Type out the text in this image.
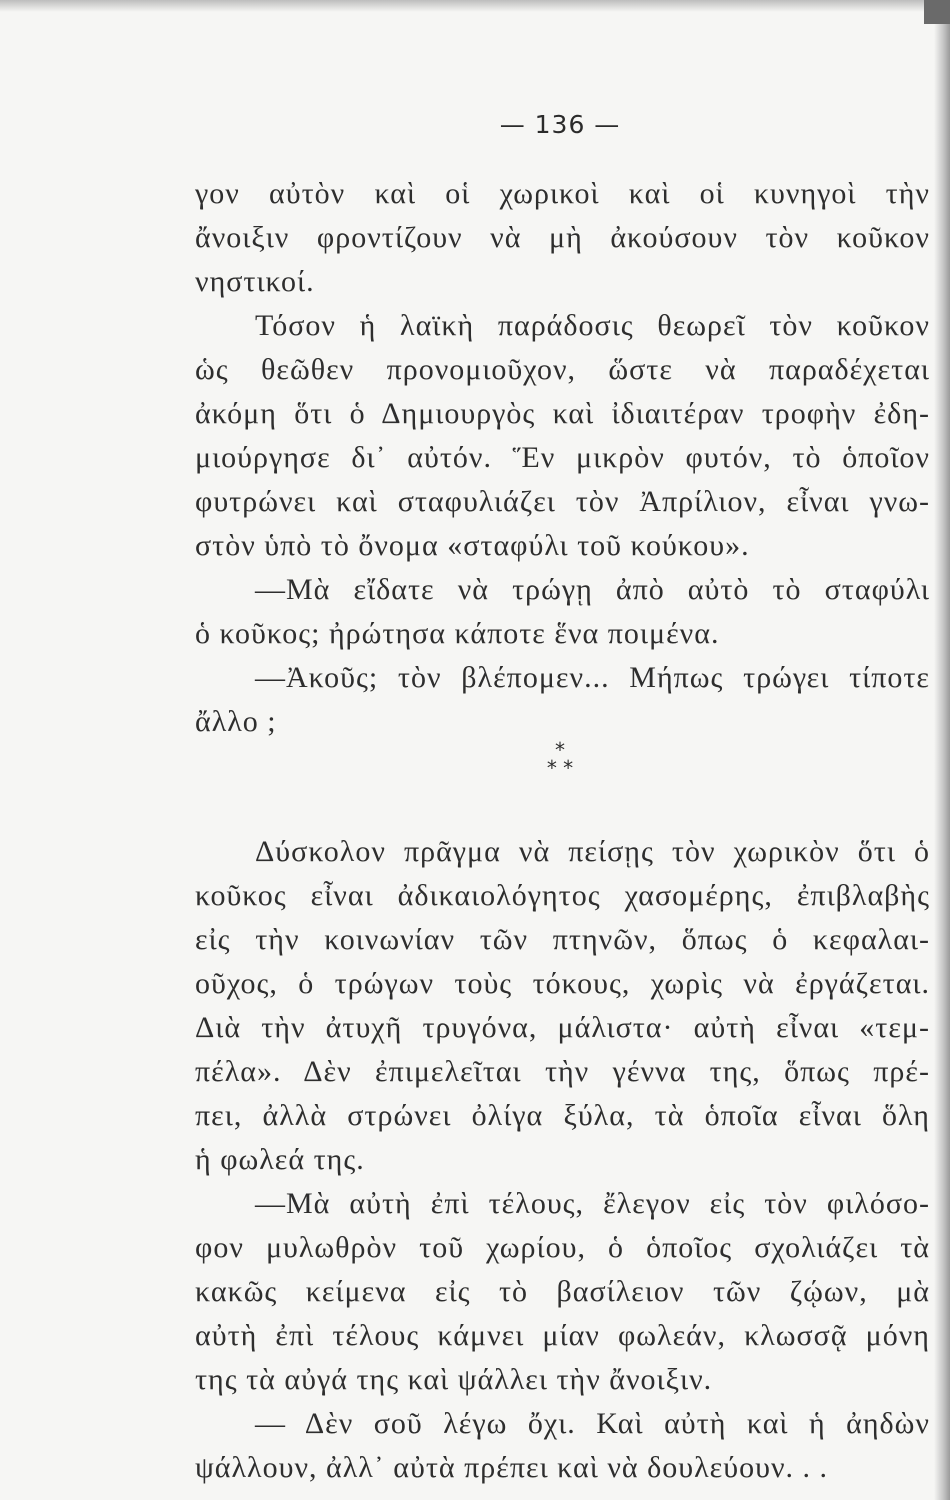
— 136 —
γον αὐτὸν καὶ οἱ χωρικοὶ καὶ οἱ κυνηγοὶ τὴν
ἄνοιξιν φροντίζουν νὰ μὴ ἀκούσουν τὸν κοῦκον
νηστικοί.
Τόσον ἡ λαϊκὴ παράδοσις θεωρεῖ τὸν κοῦκον
ὡς θεῶθεν προνομιοῦχον, ὥστε νὰ παραδέχεται
ἀκόμη ὅτι ὁ Δημιουργὸς καὶ ἰδιαιτέραν τροφὴν ἐδη-
μιούργησε δι᾽ αὐτόν. Ἕν μικρὸν φυτόν, τὸ ὁποῖον
φυτρώνει καὶ σταφυλιάζει τὸν Ἀπρίλιον, εἶναι γνω-
στὸν ὑπὸ τὸ ὄνομα «σταφύλι τοῦ κούκου».
—Μὰ εἴδατε νὰ τρώγῃ ἀπὸ αὐτὸ τὸ σταφύλι
ὁ κοῦκος; ἠρώτησα κάποτε ἕνα ποιμένα.
—Ἀκοῦς; τὸν βλέπομεν... Μήπως τρώγει τίποτε
ἄλλο ;
Δύσκολον πρᾶγμα νὰ πείσῃς τὸν χωρικὸν ὅτι ὁ
κοῦκος εἶναι ἀδικαιολόγητος χασομέρης, ἐπιβλαβὴς
εἰς τὴν κοινωνίαν τῶν πτηνῶν, ὅπως ὁ κεφαλαι-
οῦχος, ὁ τρώγων τοὺς τόκους, χωρὶς νὰ ἐργάζεται.
Διὰ τὴν ἀτυχῆ τρυγόνα, μάλιστα· αὐτὴ εἶναι «τεμ-
πέλα». Δὲν ἐπιμελεῖται τὴν γέννα της, ὅπως πρέ-
πει, ἀλλὰ στρώνει ὀλίγα ξύλα, τὰ ὁποῖα εἶναι ὅλη
ἡ φωλεά της.
—Μὰ αὐτὴ ἐπὶ τέλους, ἔλεγον εἰς τὸν φιλόσο-
φον μυλωθρὸν τοῦ χωρίου, ὁ ὁποῖος σχολιάζει τὰ
κακῶς κείμενα εἰς τὸ βασίλειον τῶν ζῴων, μὰ
αὐτὴ ἐπὶ τέλους κάμνει μίαν φωλεάν, κλωσσᾷ μόνη
της τὰ αὐγά της καὶ ψάλλει τὴν ἄνοιξιν.
— Δὲν σοῦ λέγω ὄχι. Καὶ αὐτὴ καὶ ἡ ἀηδὼν
ψάλλουν, ἀλλ᾽ αὐτὰ πρέπει καὶ νὰ δουλεύουν. . .
*
* *
